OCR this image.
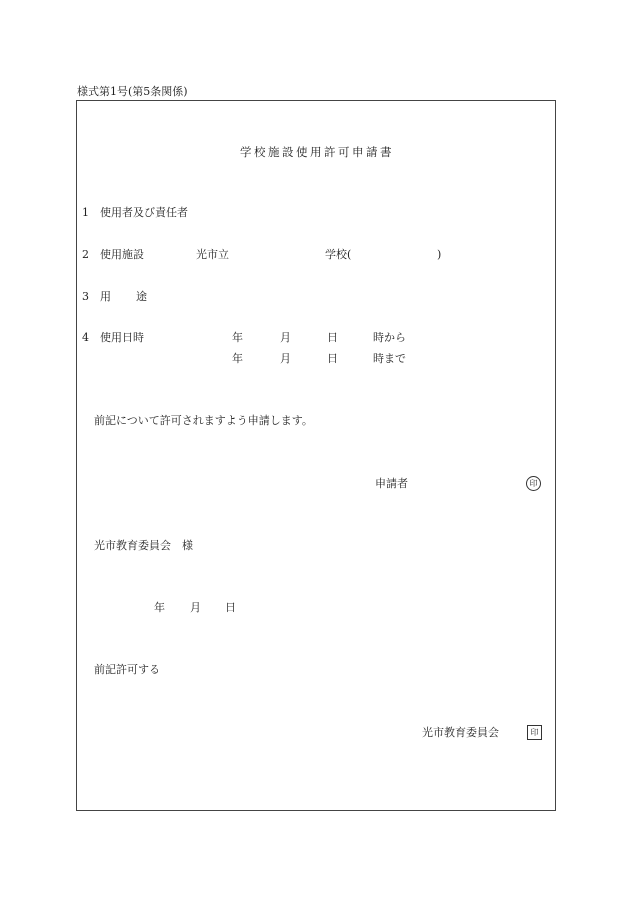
様式第1号(第5条関係)
学校施設使用許可申請書
1 使用者及び責任者
2 使用施設	光市立	学校(	)
3 用 途
4 使用日時	年	月	日	時から
年	月	日	時まで
前記について許可されますよう申請します。
申請者	印
光市教育委員会　様
年 月 日
前記許可する
光市教育委員会	印
